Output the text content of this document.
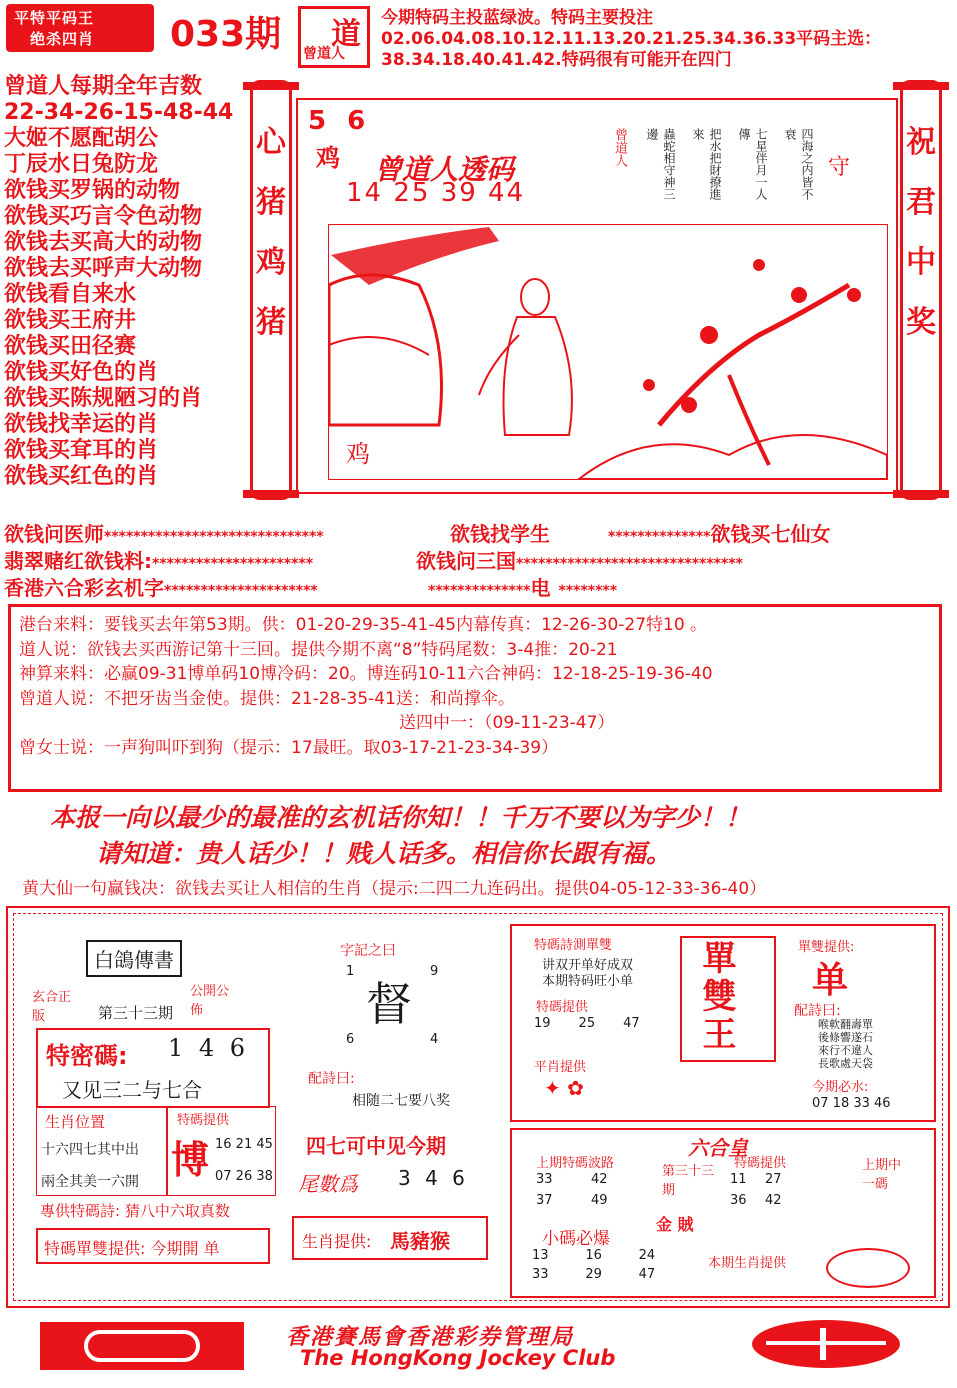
平特平码王
绝杀四肖 033期 道
曾道人
今期特码主投蓝绿波。特码主要投注02.06.04.08.10.12.11.13.20.21.25.34.36.33平码主选：38.34.18.40.41.42.特码很有可能开在四门
曾道人每期全年吉数
22-34-26-15-48-44
大姬不愿配胡公
丁辰水日兔防龙
欲钱买罗锅的动物
欲钱买巧言令色动物
欲钱去买高大的动物
欲钱去买呼声大动物
欲钱看自来水
欲钱买王府井
欲钱买田径赛
欲钱买好色的肖
欲钱买陈规陋习的肖
欲钱找幸运的肖
欲钱买耷耳的肖
欲钱买红色的肖
心
猪
鸡
猪
祝
君
中
奖
5 6
鸡 曾道人透码
14 25 39 44	四海之内皆不衰
七星伴月一人傳
把水把財撩進來
蟲蛇相守神三邊
曾道人
守
鸡
欲钱问医师******************************	欲钱找学生	**************欲钱买七仙女
翡翠赌红欲钱料:**********************	欲钱问三国*******************************
香港六合彩玄机字*********************	**************电 ********
港台来料：要钱买去年第53期。供：01-20-29-35-41-45内幕传真：12-26-30-27特10 。
道人说：欲钱去买西游记第十三回。提供今期不离“8”特码尾数：3-4推：20-21
神算来料：必赢09-31博单码10博冷码：20。博连码10-11六合神码：12-18-25-19-36-40
曾道人说：不把牙齿当金使。提供：21-28-35-41送：和尚撑伞。
送四中一：（09-11-23-47）
曾女士说：一声狗叫吓到狗（提示：17最旺。取03-17-21-23-34-39）
本报一向以最少的最准的玄机话你知！！千万不要以为字少！！
请知道：贵人话少！！贱人话多。相信你长跟有福。
黄大仙一句赢钱决：欲钱去买让人相信的生肖（提示:二四二九连码出。提供04-05-12-33-36-40）
白鴿傳書
玄合正版
公開公佈
第三十三期
特密碼: 1 4 6
又见三二与七合
生肖位置
十六四七其中出
兩全其美一六開
特碼提供
博 16 21 45
07 26 38
專供特碼詩: 猜八中六取真数
特碼單雙提供: 今期開 单
字記之曰
1	9
督
6	4
配詩曰:
相随二七要八奖
四七可中见今期
尾數爲 3 4 6
生肖提供: 馬豬猴
特碼詩測單雙
讲双开单好成双
本期特码旺小单
特碼提供
19 25 47	單雙王	單雙提供:
单
配詩曰:
喉軟翻壽單
後條響遂石
來行不違人
長歌處天袋
今期必水:
07 18 33 46
平肖提供
✦ ✿
六合皇
上期特碼波路
33	42
37	49
第三十三期
特碼提供
11	27
36	42
金 賊
小碼必爆
13	16	24
33	29	47
本期生肖提供
上期中一碼
香港賽馬會香港彩券管理局
The HongKong Jockey Club
